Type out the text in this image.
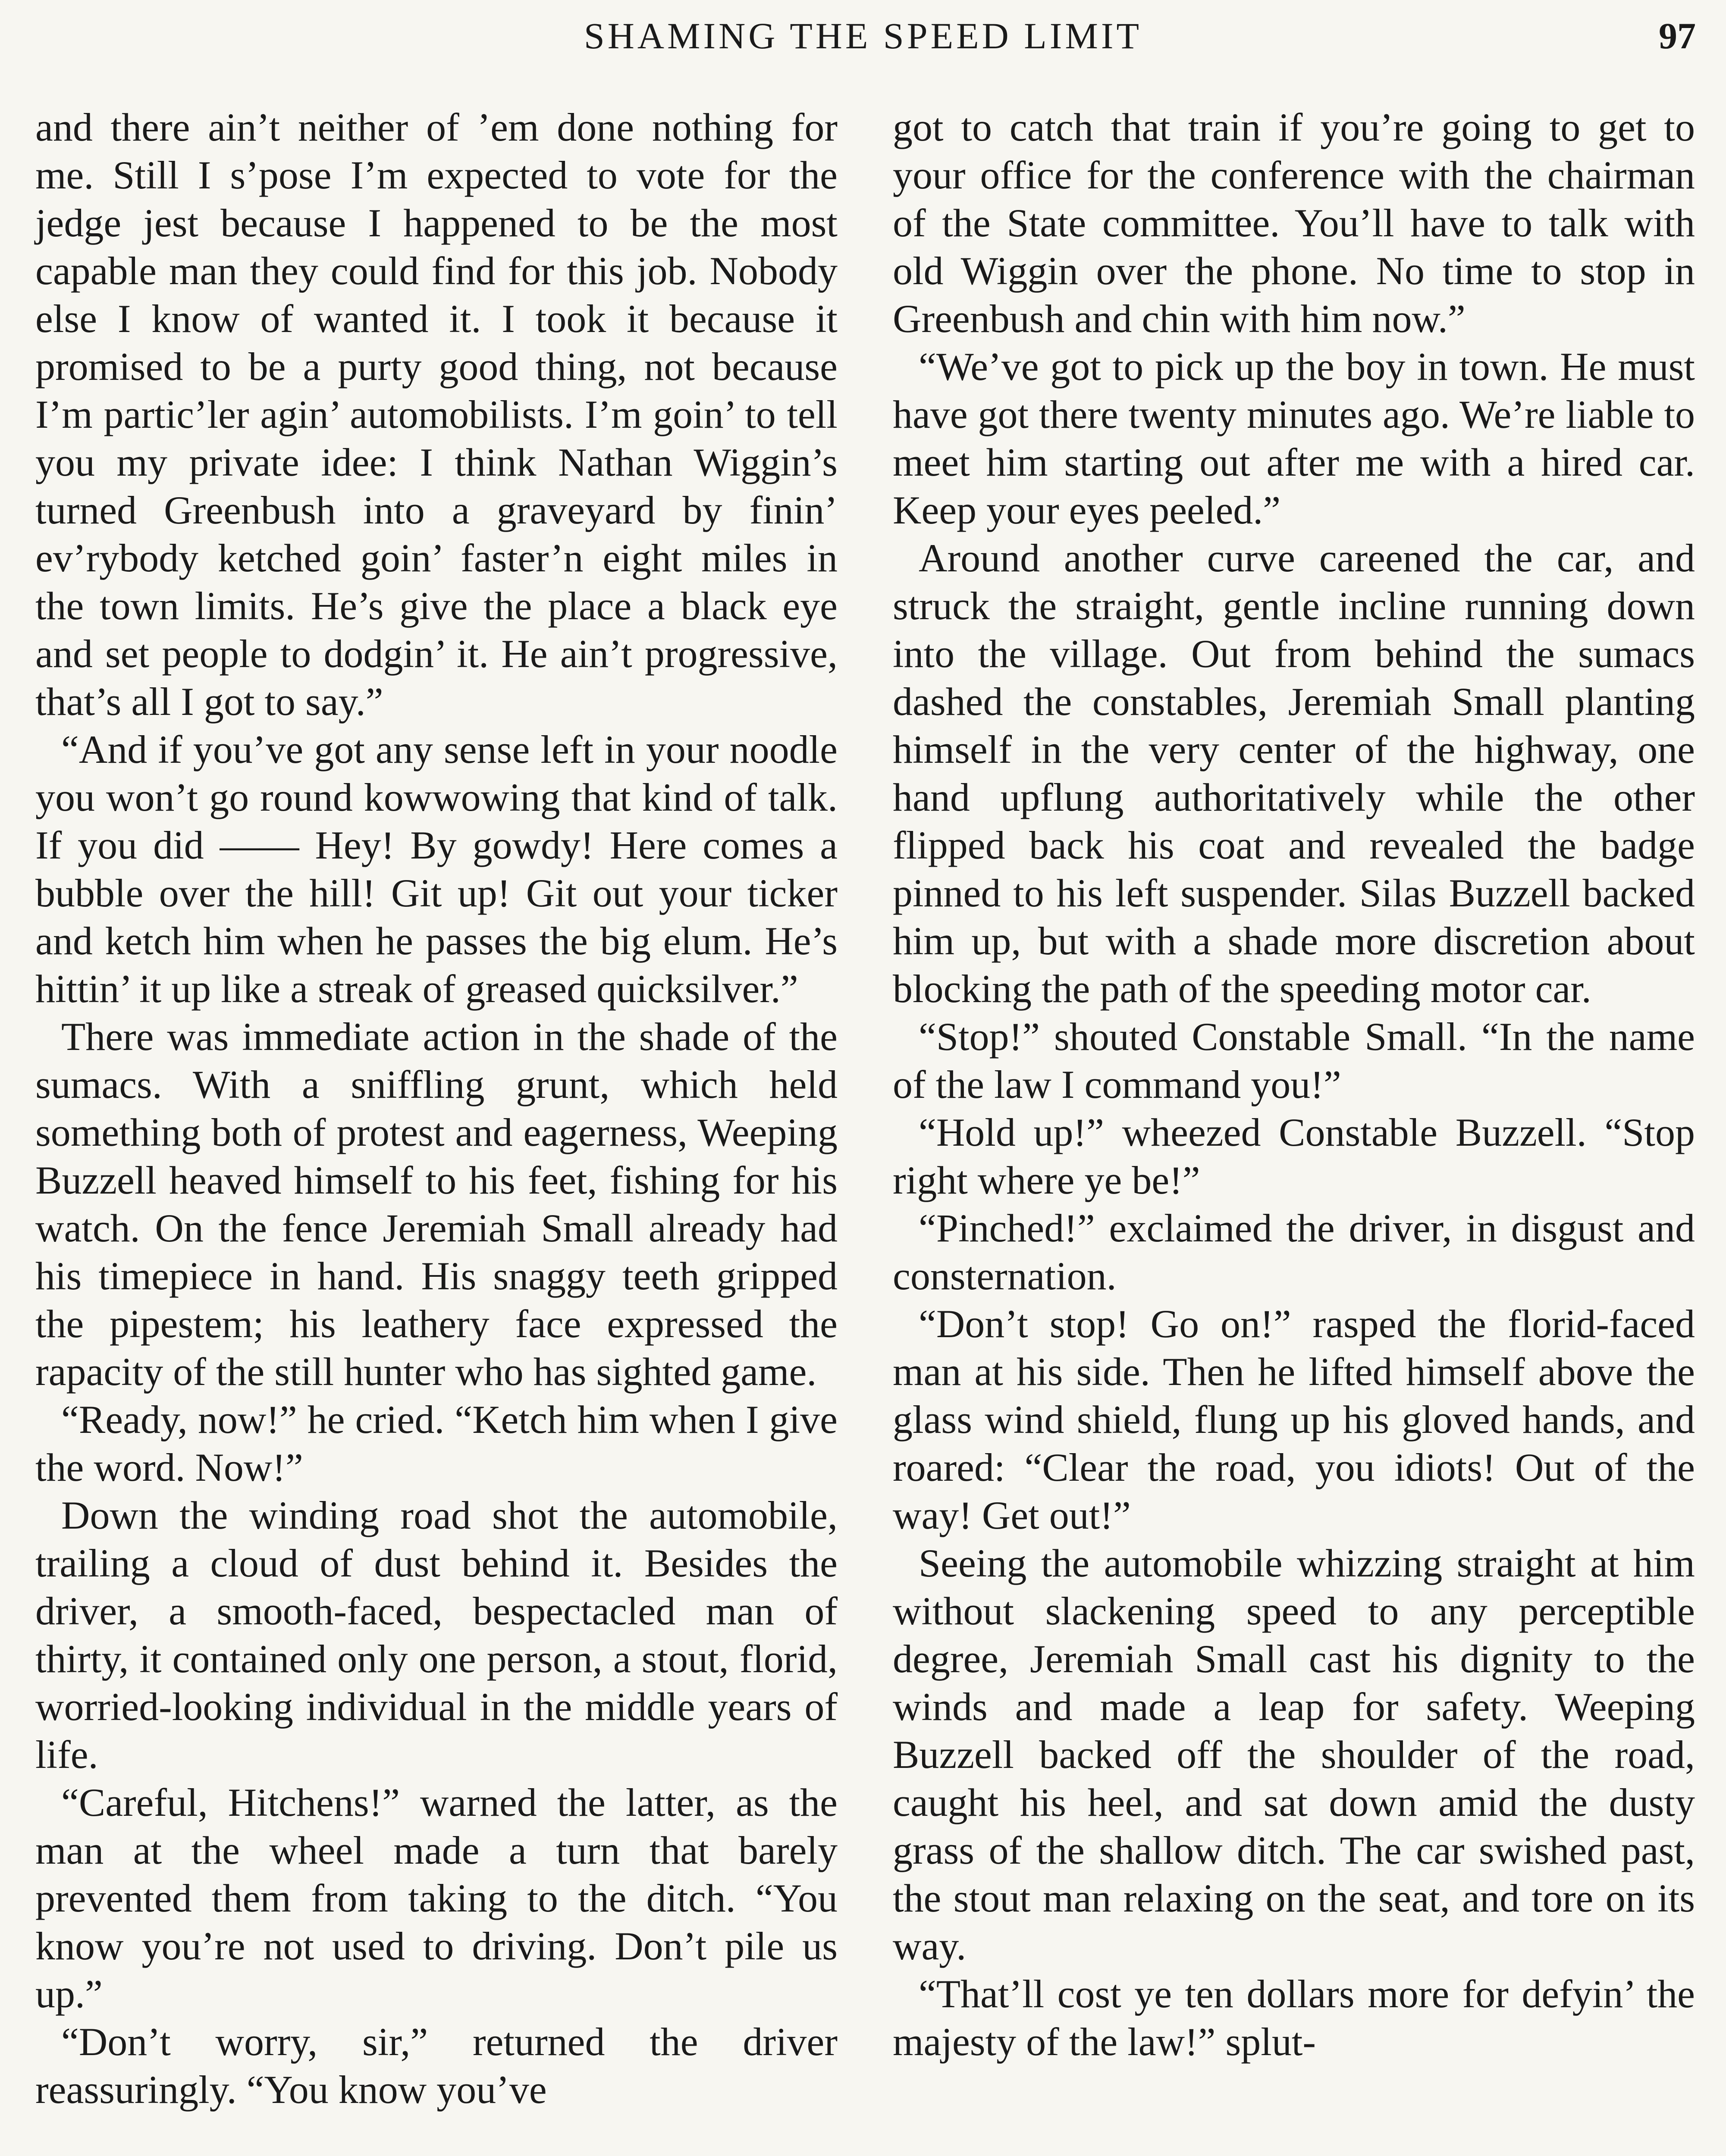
SHAMING THE SPEED LIMIT	97

and there ain’t neither of ’em done nothing for me. Still I s’pose I’m expected to vote for the jedge jest because I happened to be the most capable man they could find for this job. Nobody else I know of wanted it. I took it because it promised to be a purty good thing, not because I’m partic’ler agin’ automobilists. I’m goin’ to tell you my private idee: I think Nathan Wiggin’s turned Greenbush into a graveyard by finin’ ev’rybody ketched goin’ faster’n eight miles in the town limits. He’s give the place a black eye and set people to dodgin’ it. He ain’t progressive, that’s all I got to say.”

“And if you’ve got any sense left in your noodle you won’t go round kowwowing that kind of talk. If you did —— Hey! By gowdy! Here comes a bubble over the hill! Git up! Git out your ticker and ketch him when he passes the big elum. He’s hittin’ it up like a streak of greased quicksilver.”

There was immediate action in the shade of the sumacs. With a sniffling grunt, which held something both of protest and eagerness, Weeping Buzzell heaved himself to his feet, fishing for his watch. On the fence Jeremiah Small already had his timepiece in hand. His snaggy teeth gripped the pipestem; his leathery face expressed the rapacity of the still hunter who has sighted game.

“Ready, now!” he cried. “Ketch him when I give the word. Now!”

Down the winding road shot the automobile, trailing a cloud of dust behind it. Besides the driver, a smooth-faced, bespectacled man of thirty, it contained only one person, a stout, florid, worried-looking individual in the middle years of life.

“Careful, Hitchens!” warned the latter, as the man at the wheel made a turn that barely prevented them from taking to the ditch. “You know you’re not used to driving. Don’t pile us up.”

“Don’t worry, sir,” returned the driver reassuringly. “You know you’ve

got to catch that train if you’re going to get to your office for the conference with the chairman of the State committee. You’ll have to talk with old Wiggin over the phone. No time to stop in Greenbush and chin with him now.”

“We’ve got to pick up the boy in town. He must have got there twenty minutes ago. We’re liable to meet him starting out after me with a hired car. Keep your eyes peeled.”

Around another curve careened the car, and struck the straight, gentle incline running down into the village. Out from behind the sumacs dashed the constables, Jeremiah Small planting himself in the very center of the highway, one hand upflung authoritatively while the other flipped back his coat and revealed the badge pinned to his left suspender. Silas Buzzell backed him up, but with a shade more discretion about blocking the path of the speeding motor car.

“Stop!” shouted Constable Small. “In the name of the law I command you!”

“Hold up!” wheezed Constable Buzzell. “Stop right where ye be!”

“Pinched!” exclaimed the driver, in disgust and consternation.

“Don’t stop! Go on!” rasped the florid-faced man at his side. Then he lifted himself above the glass wind shield, flung up his gloved hands, and roared: “Clear the road, you idiots! Out of the way! Get out!”

Seeing the automobile whizzing straight at him without slackening speed to any perceptible degree, Jeremiah Small cast his dignity to the winds and made a leap for safety. Weeping Buzzell backed off the shoulder of the road, caught his heel, and sat down amid the dusty grass of the shallow ditch. The car swished past, the stout man relaxing on the seat, and tore on its way.

“That’ll cost ye ten dollars more for defyin’ the majesty of the law!” splut-
